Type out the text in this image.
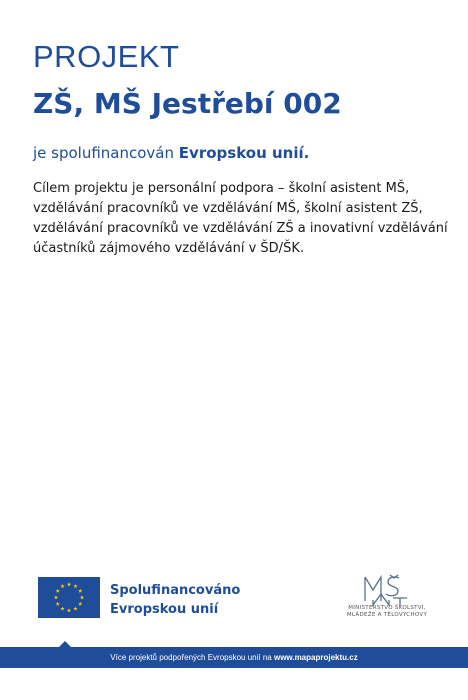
PROJEKT
ZŠ, MŠ Jestřebí 002
je spolufinancován Evropskou unií.
Cílem projektu je personální podpora – školní asistent MŠ, vzdělávání pracovníků ve vzdělávání MŠ, školní asistent ZŠ, vzdělávání pracovníků ve vzdělávání ZŠ a inovativní vzdělávání účastníků zájmového vzdělávání v ŠD/ŠK.
Spolufinancováno
Evropskou unií	MINISTERSTVO ŠKOLSTVÍ,
MLÁDEŽE A TĚLOVÝCHOVY
Více projektů podpořených Evropskou unií na www.mapaprojektu.cz
